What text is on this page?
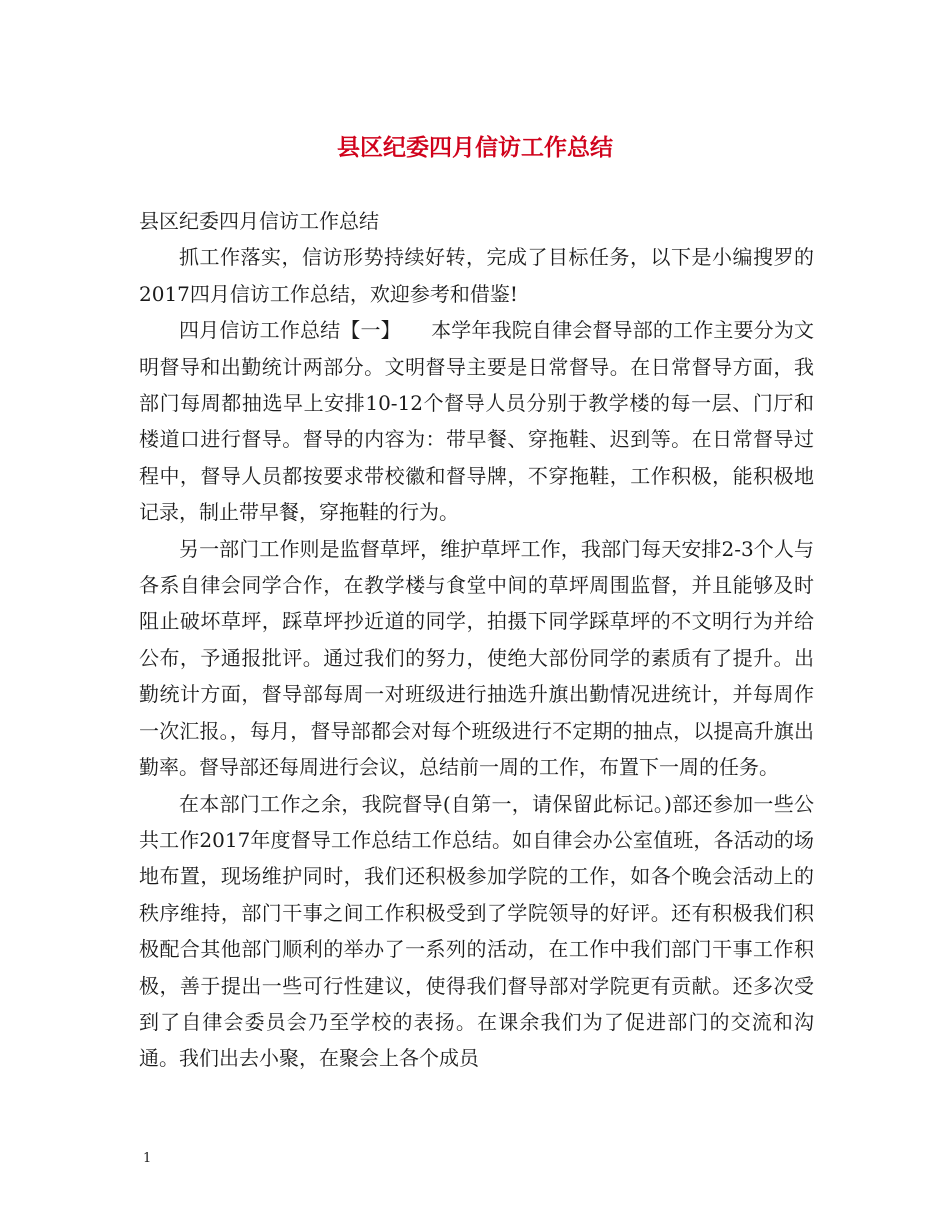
县区纪委四月信访工作总结

县区纪委四月信访工作总结

抓工作落实，信访形势持续好转，完成了目标任务，以下是小编搜罗的2017四月信访工作总结，欢迎参考和借鉴!

四月信访工作总结【一】　　本学年我院自律会督导部的工作主要分为文明督导和出勤统计两部分。文明督导主要是日常督导。在日常督导方面，我部门每周都抽选早上安排10-12个督导人员分别于教学楼的每一层、门厅和楼道口进行督导。督导的内容为：带早餐、穿拖鞋、迟到等。在日常督导过程中，督导人员都按要求带校徽和督导牌，不穿拖鞋，工作积极，能积极地记录，制止带早餐，穿拖鞋的行为。

另一部门工作则是监督草坪，维护草坪工作，我部门每天安排2-3个人与各系自律会同学合作，在教学楼与食堂中间的草坪周围监督，并且能够及时阻止破坏草坪，踩草坪抄近道的同学，拍摄下同学踩草坪的不文明行为并给公布，予通报批评。通过我们的努力，使绝大部份同学的素质有了提升。出勤统计方面，督导部每周一对班级进行抽选升旗出勤情况进统计，并每周作一次汇报。，每月，督导部都会对每个班级进行不定期的抽点，以提高升旗出勤率。督导部还每周进行会议，总结前一周的工作，布置下一周的任务。

在本部门工作之余，我院督导(自第一，请保留此标记。)部还参加一些公共工作2017年度督导工作总结工作总结。如自律会办公室值班，各活动的场地布置，现场维护同时，我们还积极参加学院的工作，如各个晚会活动上的秩序维持，部门干事之间工作积极受到了学院领导的好评。还有积极我们积极配合其他部门顺利的举办了一系列的活动，在工作中我们部门干事工作积极，善于提出一些可行性建议，使得我们督导部对学院更有贡献。还多次受到了自律会委员会乃至学校的表扬。在课余我们为了促进部门的交流和沟通。我们出去小聚，在聚会上各个成员

1
